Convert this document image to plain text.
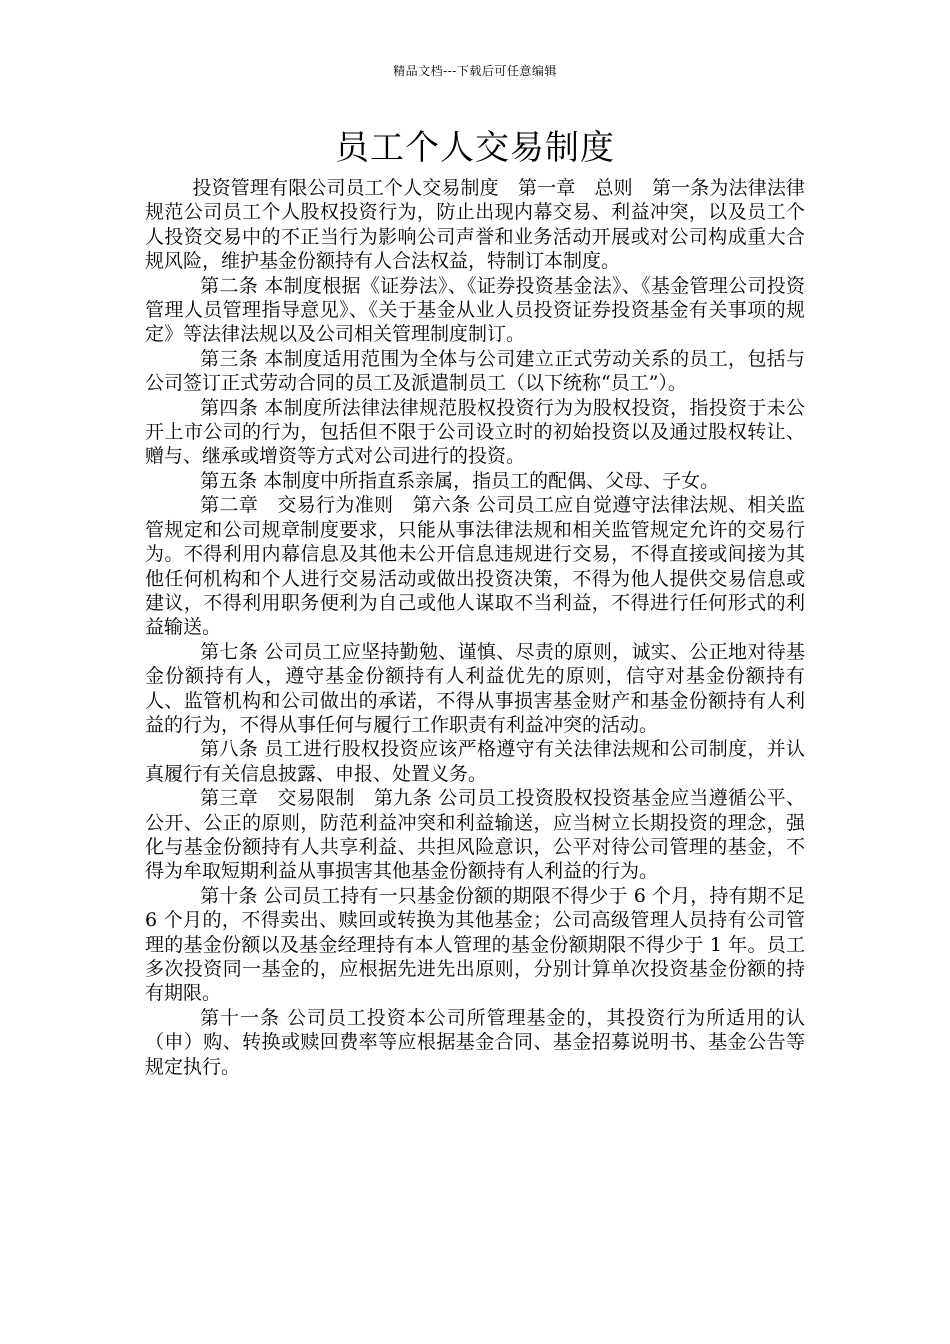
精品文档---下载后可任意编辑
员工个人交易制度

投资管理有限公司员工个人交易制度　第一章　总则　第一条为法律法律规范公司员工个人股权投资行为，防止出现内幕交易、利益冲突，以及员工个人投资交易中的不正当行为影响公司声誉和业务活动开展或对公司构成重大合规风险，维护基金份额持有人合法权益，特制订本制度。

第二条 本制度根据《证券法》、《证券投资基金法》、《基金管理公司投资管理人员管理指导意见》、《关于基金从业人员投资证券投资基金有关事项的规定》等法律法规以及公司相关管理制度制订。

第三条 本制度适用范围为全体与公司建立正式劳动关系的员工，包括与公司签订正式劳动合同的员工及派遣制员工（以下统称“员工”）。

第四条 本制度所法律法律规范股权投资行为为股权投资，指投资于未公开上市公司的行为，包括但不限于公司设立时的初始投资以及通过股权转让、赠与、继承或增资等方式对公司进行的投资。

第五条 本制度中所指直系亲属，指员工的配偶、父母、子女。

第二章　交易行为准则　第六条 公司员工应自觉遵守法律法规、相关监管规定和公司规章制度要求，只能从事法律法规和相关监管规定允许的交易行为。不得利用内幕信息及其他未公开信息违规进行交易，不得直接或间接为其他任何机构和个人进行交易活动或做出投资决策，不得为他人提供交易信息或建议，不得利用职务便利为自己或他人谋取不当利益，不得进行任何形式的利益输送。

第七条 公司员工应坚持勤勉、谨慎、尽责的原则，诚实、公正地对待基金份额持有人，遵守基金份额持有人利益优先的原则，信守对基金份额持有人、监管机构和公司做出的承诺，不得从事损害基金财产和基金份额持有人利益的行为，不得从事任何与履行工作职责有利益冲突的活动。

第八条 员工进行股权投资应该严格遵守有关法律法规和公司制度，并认真履行有关信息披露、申报、处置义务。

第三章　交易限制　第九条 公司员工投资股权投资基金应当遵循公平、公开、公正的原则，防范利益冲突和利益输送，应当树立长期投资的理念，强化与基金份额持有人共享利益、共担风险意识，公平对待公司管理的基金，不得为牟取短期利益从事损害其他基金份额持有人利益的行为。

第十条 公司员工持有一只基金份额的期限不得少于 6 个月，持有期不足 6 个月的，不得卖出、赎回或转换为其他基金；公司高级管理人员持有公司管理的基金份额以及基金经理持有本人管理的基金份额期限不得少于 1 年。员工多次投资同一基金的，应根据先进先出原则，分别计算单次投资基金份额的持有期限。

第十一条 公司员工投资本公司所管理基金的，其投资行为所适用的认（申）购、转换或赎回费率等应根据基金合同、基金招募说明书、基金公告等规定执行。
